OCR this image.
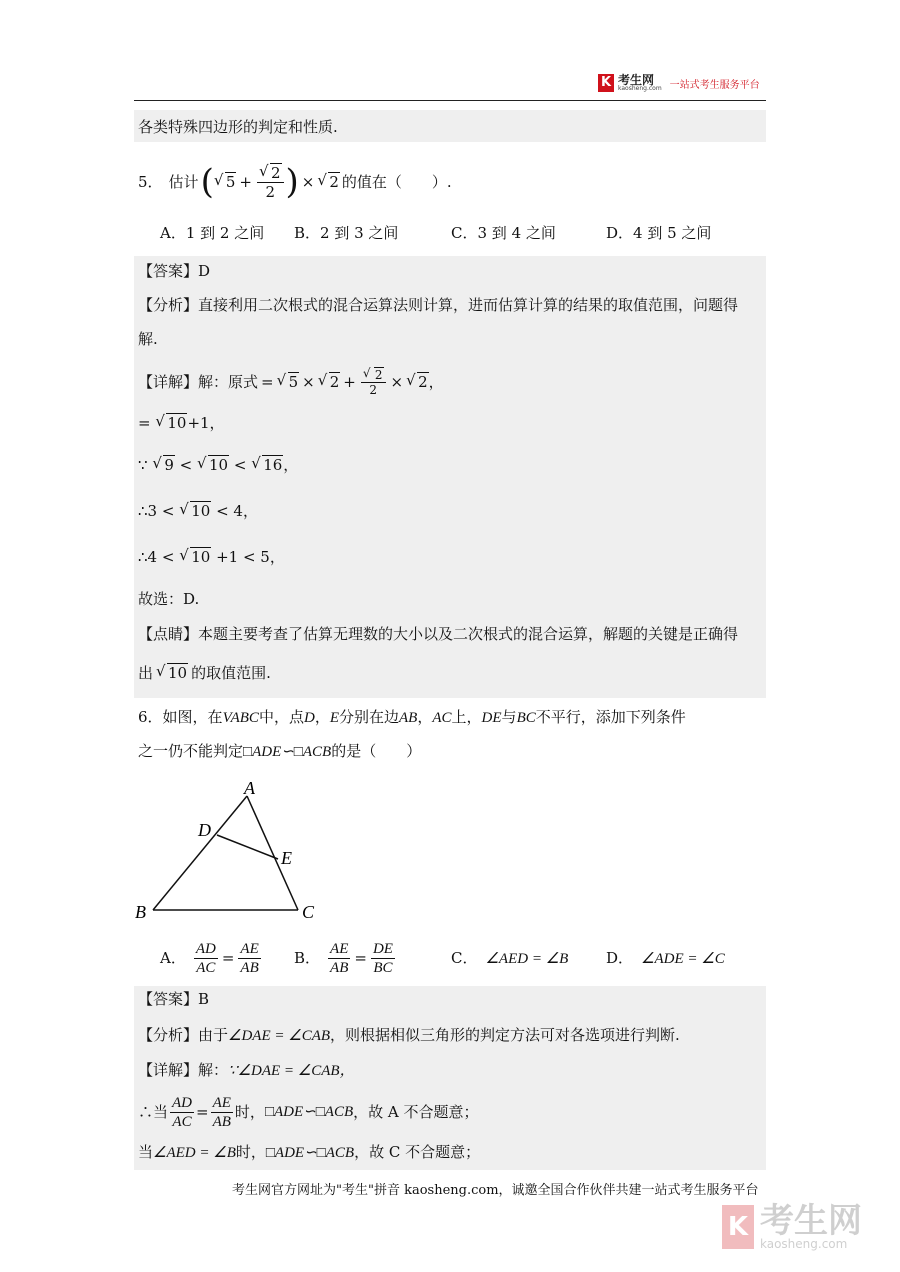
K 考生网
kaosheng.com 一站式考生服务平台
各类特殊四边形的判定和性质.
5． 估计 ( √ 5 + √ $\frac{2}{2}$ ) ×	√ 2 的值在（　　）.
A．1 到 2 之间 B．2 到 3 之间	C．3 到 4 之间	D．4 到 5 之间
【答案】D
【分析】直接利用二次根式的混合运算法则计算，进而估算计算的结果的取值范围，问题得
解.
【详解】 解：原式 =	√ 5 ×	√ 2 + √ $\frac{2}{2}$ ×	√ 2 ，
= √ 10+1，
∵ √ 9 < √ 10 < √ 16，
∴3 < √ 10 < 4，
∴4 < √ 10 +1 < 5，
故选：D.
【点睛】本题主要考查了估算无理数的大小以及二次根式的混合运算，解题的关键是正确得
出 √ 10 的取值范围.
6．如图，在VABC中，点D，E分别在边AB，AC上，DE与BC不平行，添加下列条件
之一仍不能判定□ADE∽□ACB的是（　　）
A
D
E
B	C
A． $\frac{AD}{AC} = \frac{AE}{AB}$ B． $\frac{AE}{AB} = \frac{DE}{BC}$	C． ∠AED = ∠B	D． ∠ADE = ∠C
【答案】B
【分析】由于∠DAE = ∠CAB，则根据相似三角形的判定方法可对各选项进行判断.
【详解】解：∵∠DAE = ∠CAB，
∴当 $\frac{AD}{AC} = \frac{AE}{AB}$ 时， □ADE∽□ACB ，故 A 不合题意；
当∠AED = ∠B时，□ADE∽□ACB，故 C 不合题意；
考生网官方网址为"考生"拼音 kaosheng.com，诚邀全国合作伙伴共建一站式考生服务平台
K 考生网
kaosheng.com
